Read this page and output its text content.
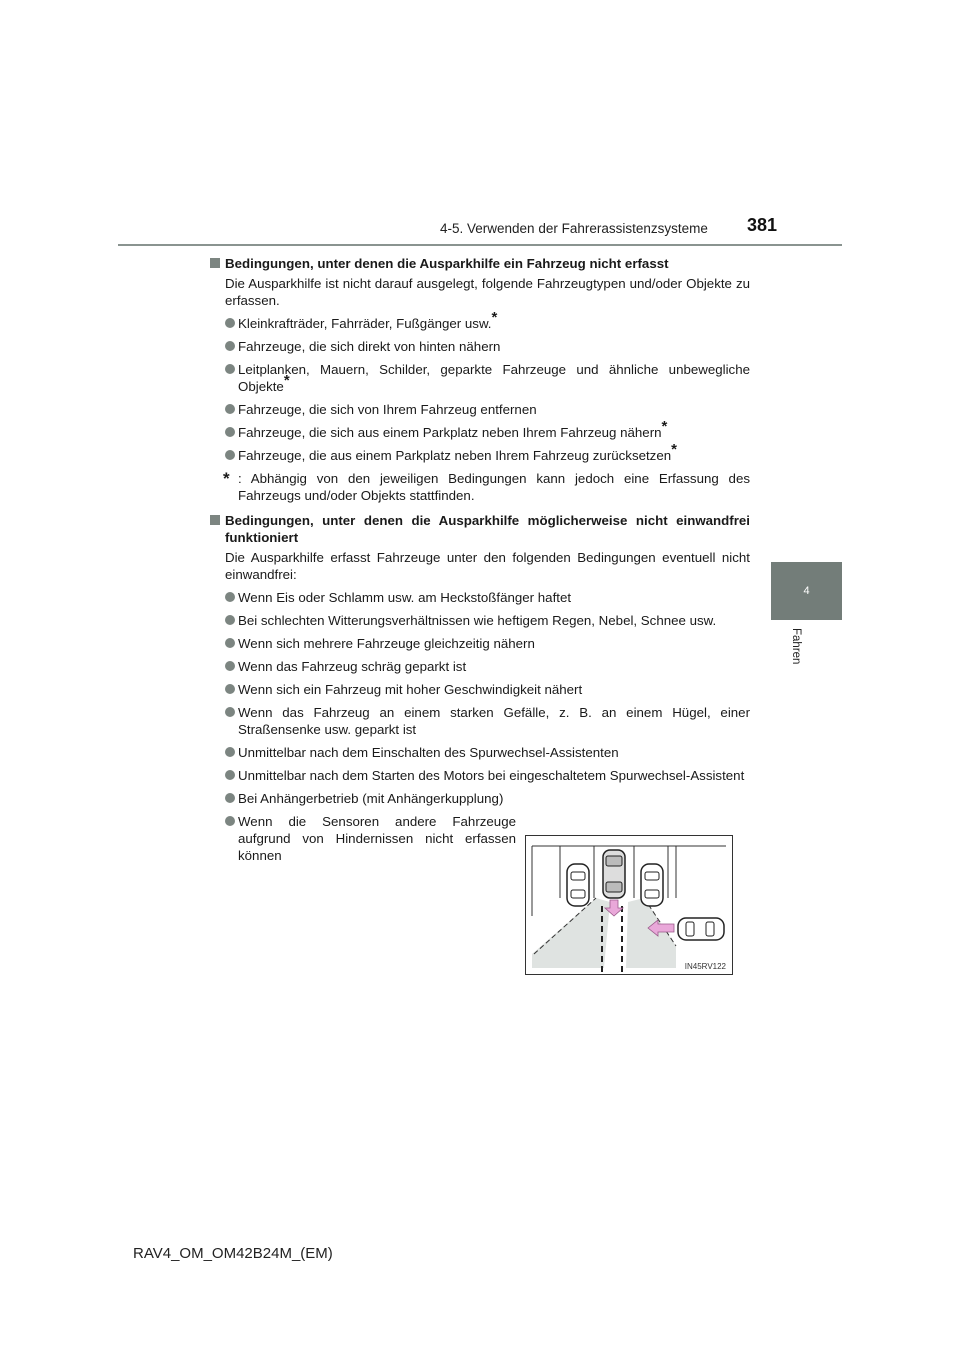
4-5. Verwenden der Fahrerassistenzsysteme 381
4
Fahren
Bedingungen, unter denen die Ausparkhilfe ein Fahrzeug nicht erfasst
Die Ausparkhilfe ist nicht darauf ausgelegt, folgende Fahrzeugtypen und/oder Objekte zu erfassen.
Kleinkrafträder, Fahrräder, Fußgänger usw.*
Fahrzeuge, die sich direkt von hinten nähern
Leitplanken, Mauern, Schilder, geparkte Fahrzeuge und ähnliche unbewegliche Objekte*
Fahrzeuge, die sich von Ihrem Fahrzeug entfernen
Fahrzeuge, die sich aus einem Parkplatz neben Ihrem Fahrzeug nähern*
Fahrzeuge, die aus einem Parkplatz neben Ihrem Fahrzeug zurücksetzen*
* : Abhängig von den jeweiligen Bedingungen kann jedoch eine Erfassung des Fahrzeugs und/oder Objekts stattfinden.
Bedingungen, unter denen die Ausparkhilfe möglicherweise nicht einwandfrei funktioniert
Die Ausparkhilfe erfasst Fahrzeuge unter den folgenden Bedingungen eventuell nicht einwandfrei:
Wenn Eis oder Schlamm usw. am Heckstoßfänger haftet
Bei schlechten Witterungsverhältnissen wie heftigem Regen, Nebel, Schnee usw.
Wenn sich mehrere Fahrzeuge gleichzeitig nähern
Wenn das Fahrzeug schräg geparkt ist
Wenn sich ein Fahrzeug mit hoher Geschwindigkeit nähert
Wenn das Fahrzeug an einem starken Gefälle, z. B. an einem Hügel, einer Straßensenke usw. geparkt ist
Unmittelbar nach dem Einschalten des Spurwechsel-Assistenten
Unmittelbar nach dem Starten des Motors bei eingeschaltetem Spurwechsel-Assistent
Bei Anhängerbetrieb (mit Anhängerkupplung)
Wenn die Sensoren andere Fahrzeuge aufgrund von Hindernissen nicht erfassen können
IN45RV122
RAV4_OM_OM42B24M_(EM)
